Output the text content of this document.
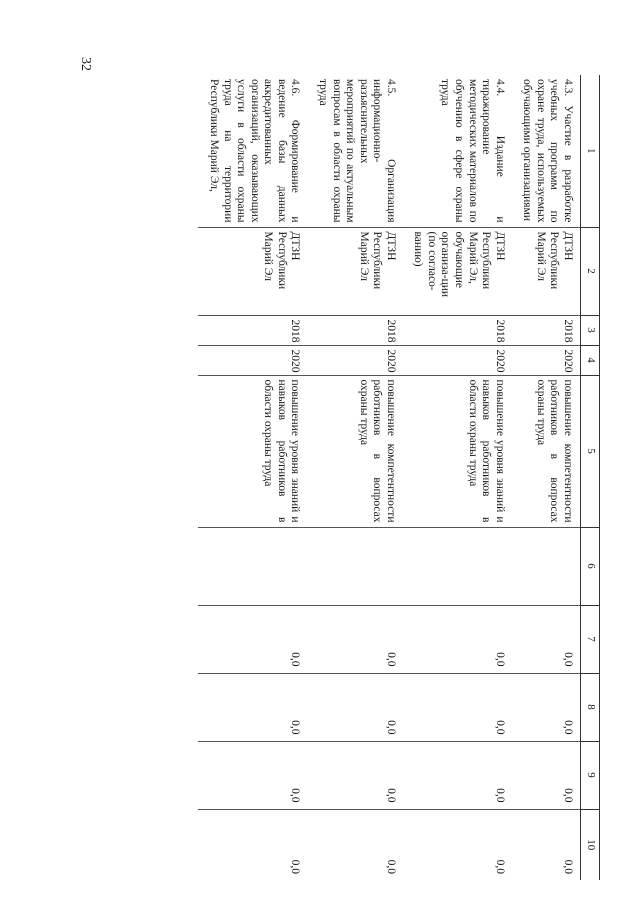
32
1	2	3	4	5	6	7	8	9	10
4.3. Участие в разработке учебных программ по охране труда, используемых обучающими организациями	ДТЗН Республики Марий Эл	2018	2020	повышение компетентности работников в вопросах охраны труда		0,0	0,0	0,0	0,0
4.4. Издание и тиражирование методических материалов по обучению в сфере охраны труда	ДТЗН Республики Марий Эл, обучающие организа-ции (по согласо-ванию)	2018	2020	повышение уровня знаний и навыков работников в области охраны труда		0,0	0,0	0,0	0,0
4.5. Организация информационно-разъяснительных мероприятий по актуальным вопросам в области охраны труда	ДТЗН Республики Марий Эл	2018	2020	повышение компетентности работников в вопросах охраны труда		0,0	0,0	0,0	0,0
4.6. Формирование и ведение базы данных аккредитованных организаций, оказывающих услуги в области охраны труда на территории Республики Марий Эл,	ДТЗН Республики Марий Эл	2018	2020	повышение уровня знаний и навыков работников в области охраны труда		0,0	0,0	0,0	0,0
